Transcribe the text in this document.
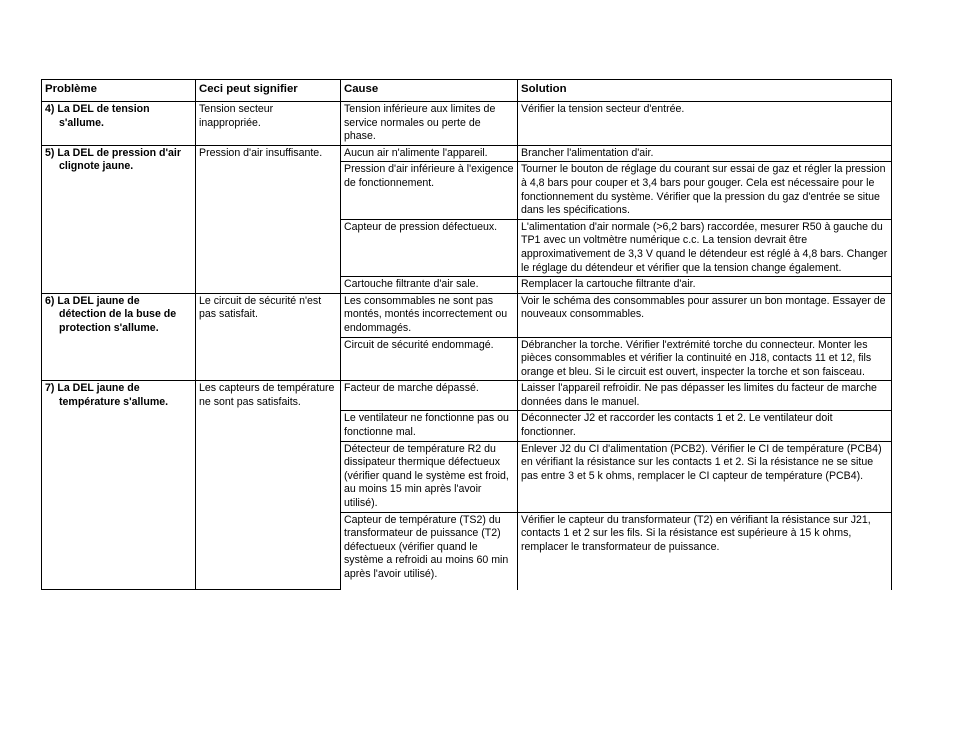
Problème	Ceci peut signifier	Cause	Solution

4) La DEL de tension
s'allume.	Tension secteur inappropriée.	Tension inférieure aux limites de service normales ou perte de phase.	Vérifier la tension secteur d'entrée.

5) La DEL de pression d'air
clignote jaune.	Pression d'air insuffisante.	Aucun air n'alimente l'appareil.	Brancher l'alimentation d'air.
		Pression d'air inférieure à l'exigence de fonctionnement.	Tourner le bouton de réglage du courant sur essai de gaz et régler la pression à 4,8 bars pour couper et 3,4 bars pour gouger. Cela est nécessaire pour le fonctionnement du système. Vérifier que la pression du gaz d'entrée se situe dans les spécifications.
		Capteur de pression défectueux.	L'alimentation d'air normale (>6,2 bars) raccordée, mesurer R50 à gauche du TP1 avec un voltmètre numérique c.c. La tension devrait être approximativement de 3,3 V quand le détendeur est réglé à 4,8 bars. Changer le réglage du détendeur et vérifier que la tension change également.
		Cartouche filtrante d'air sale.	Remplacer la cartouche filtrante d'air.

6) La DEL jaune de
détection de la buse de protection s'allume.	Le circuit de sécurité n'est pas satisfait.	Les consommables ne sont pas montés, montés incorrectement ou endommagés.	Voir le schéma des consommables pour assurer un bon montage. Essayer de nouveaux consommables.
		Circuit de sécurité endommagé.	Débrancher la torche. Vérifier l'extrémité torche du connecteur. Monter les pièces consommables et vérifier la continuité en J18, contacts 11 et 12, fils orange et bleu. Si le circuit est ouvert, inspecter la torche et son faisceau.

7) La DEL jaune de
température s'allume.	Les capteurs de température ne sont pas satisfaits.	Facteur de marche dépassé.	Laisser l'appareil refroidir. Ne pas dépasser les limites du facteur de marche données dans le manuel.
		Le ventilateur ne fonctionne pas ou fonctionne mal.	Déconnecter J2 et raccorder les contacts 1 et 2. Le ventilateur doit fonctionner.
		Détecteur de température R2 du dissipateur thermique défectueux (vérifier quand le système est froid, au moins 15 min après l'avoir utilisé).	Enlever J2 du CI d'alimentation (PCB2). Vérifier le CI de température (PCB4) en vérifiant la résistance sur les contacts 1 et 2. Si la résistance ne se situe pas entre 3 et 5 k ohms, remplacer le CI capteur de température (PCB4).
		Capteur de température (TS2) du transformateur de puissance (T2) défectueux (vérifier quand le système a refroidi au moins 60 min après l'avoir utilisé).	Vérifier le capteur du transformateur (T2) en vérifiant la résistance sur J21, contacts 1 et 2 sur les fils. Si la résistance est supérieure à 15 k ohms, remplacer le transformateur de puissance.
